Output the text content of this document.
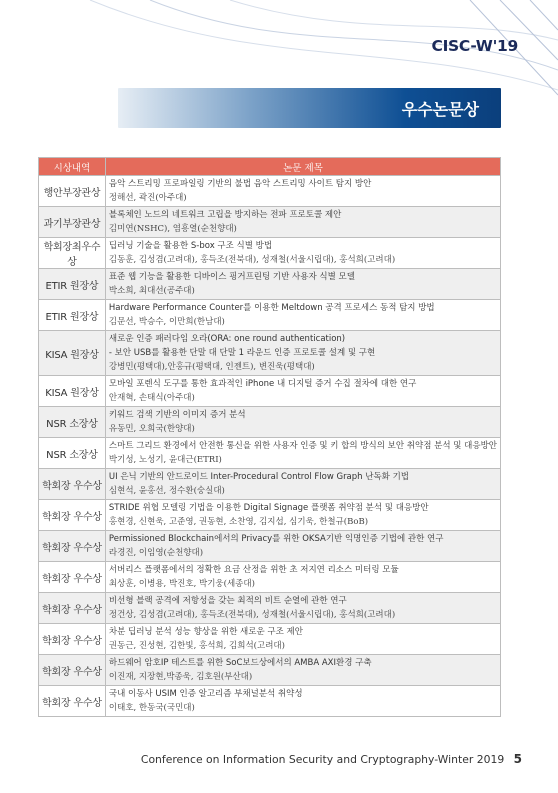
CISC-W'19
우수논문상
시상내역	논문 제목
행안부장관상	음악 스트리밍 프로파일링 기반의 불법 음악 스트리밍 사이트 탐지 방안
정해선, 곽진(아주대)

과기부장관상	블록체인 노드의 네트워크 고립을 방지하는 전파 프로토콜 제안
김미연(NSHC), 염흥열(순천향대)

학회장최우수상	딥러닝 기술을 활용한 S-box 구조 식별 방법
김동훈, 김성겸(고려대), 홍득조(전북대), 성재철(서울시립대), 홍석희(고려대)

ETIR 원장상	표준 웹 기능을 활용한 디바이스 핑거프린팅 기반 사용자 식별 모델
박소희, 최대선(공주대)

ETIR 원장상	Hardware Performance Counter를 이용한 Meltdown 공격 프로세스 동적 탐지 방법
김문선, 박승수, 이만희(한남대)

KISA 원장상	새로운 인증 패러다임 오라(ORA: one round authentication)
- 보안 USB를 활용한 단말 대 단말 1 라운드 인증 프로토콜 설계 및 구현
강병민(평택대),안홍규(평택대, 인젠트), 변진욱(평택대)

KISA 원장상	모바일 포렌식 도구를 통한 효과적인 iPhone 내 디지털 증거 수집 절차에 대한 연구
안재혁, 손태식(아주대)

NSR 소장상	키워드 검색 기반의 이미지 증거 분석
유동민, 오희국(한양대)

NSR 소장상	스마트 그리드 환경에서 안전한 통신을 위한 사용자 인증 및 키 합의 방식의 보안 취약점 분석 및 대응방안
박기성, 노성기, 윤대근(ETRI)

학회장 우수상	UI 은닉 기반의 안드로이드 Inter-Procedural Control Flow Graph 난독화 기법
심현석, 윤홍선, 정수환(숭실대)

학회장 우수상	STRIDE 위협 모델링 기법을 이용한 Digital Signage 플랫폼 취약점 분석 및 대응방안
홍현경, 신현욱, 고준영, 권동현, 소찬영, 김지섭, 심기욱, 한철규(BoB)

학회장 우수상	Permissioned Blockchain에서의 Privacy를 위한 OKSA기반 익명인증 기법에 관한 연구
라경진, 이임영(순천향대)

학회장 우수상	서버리스 플랫폼에서의 정확한 요금 산정을 위한 초 저지연 리소스 미터링 모듈
최상훈, 이병용, 박진호, 박기웅(세종대)

학회장 우수상	비선형 블랙 공격에 저항성을 갖는 최적의 비트 순열에 관한 연구
정건상, 김성겸(고려대), 홍득조(전북대), 성재철(서울시립대), 홍석희(고려대)

학회장 우수상	차분 딥러닝 분석 성능 향상을 위한 새로운 구조 제안
권동근, 진성현, 김한빛, 홍석희, 김희석(고려대)

학회장 우수상	하드웨어 암호IP 테스트를 위한 SoC보드상에서의 AMBA AXI환경 구축
이진재, 지장현,박종욱, 김호원(부산대)

학회장 우수상	국내 이동사 USIM 인증 알고리즘 부채널분석 취약성
이태호, 한동국(국민대)
Conference on Information Security and Cryptography-Winter 2019 5
